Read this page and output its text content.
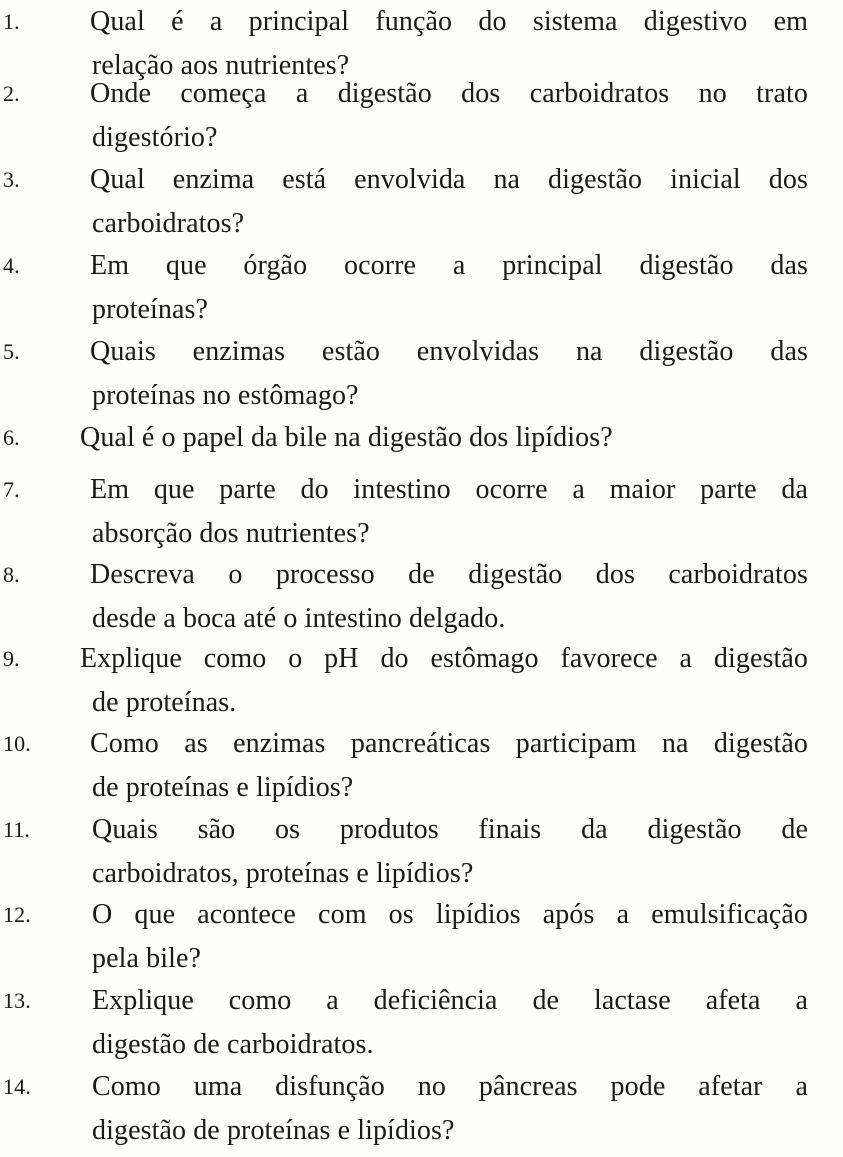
1.	Qual é a principal função do sistema digestivo em
relação aos nutrientes?
2.	Onde começa a digestão dos carboidratos no trato
digestório?
3.	Qual enzima está envolvida na digestão inicial dos
carboidratos?
4.	Em que órgão ocorre a principal digestão das
proteínas?
5.	Quais enzimas estão envolvidas na digestão das
proteínas no estômago?
6.	Qual é o papel da bile na digestão dos lipídios?
7.	Em que parte do intestino ocorre a maior parte da
absorção dos nutrientes?
8.	Descreva o processo de digestão dos carboidratos
desde a boca até o intestino delgado.
9. Explique como o pH do estômago favorece a digestão
de proteínas.
10. Como as enzimas pancreáticas participam na digestão
de proteínas e lipídios?
11. Quais são os produtos finais da digestão de
carboidratos, proteínas e lipídios?
12. O que acontece com os lipídios após a emulsificação
pela bile?
13. Explique como a deficiência de lactase afeta a
digestão de carboidratos.
14. Como uma disfunção no pâncreas pode afetar a
digestão de proteínas e lipídios?
